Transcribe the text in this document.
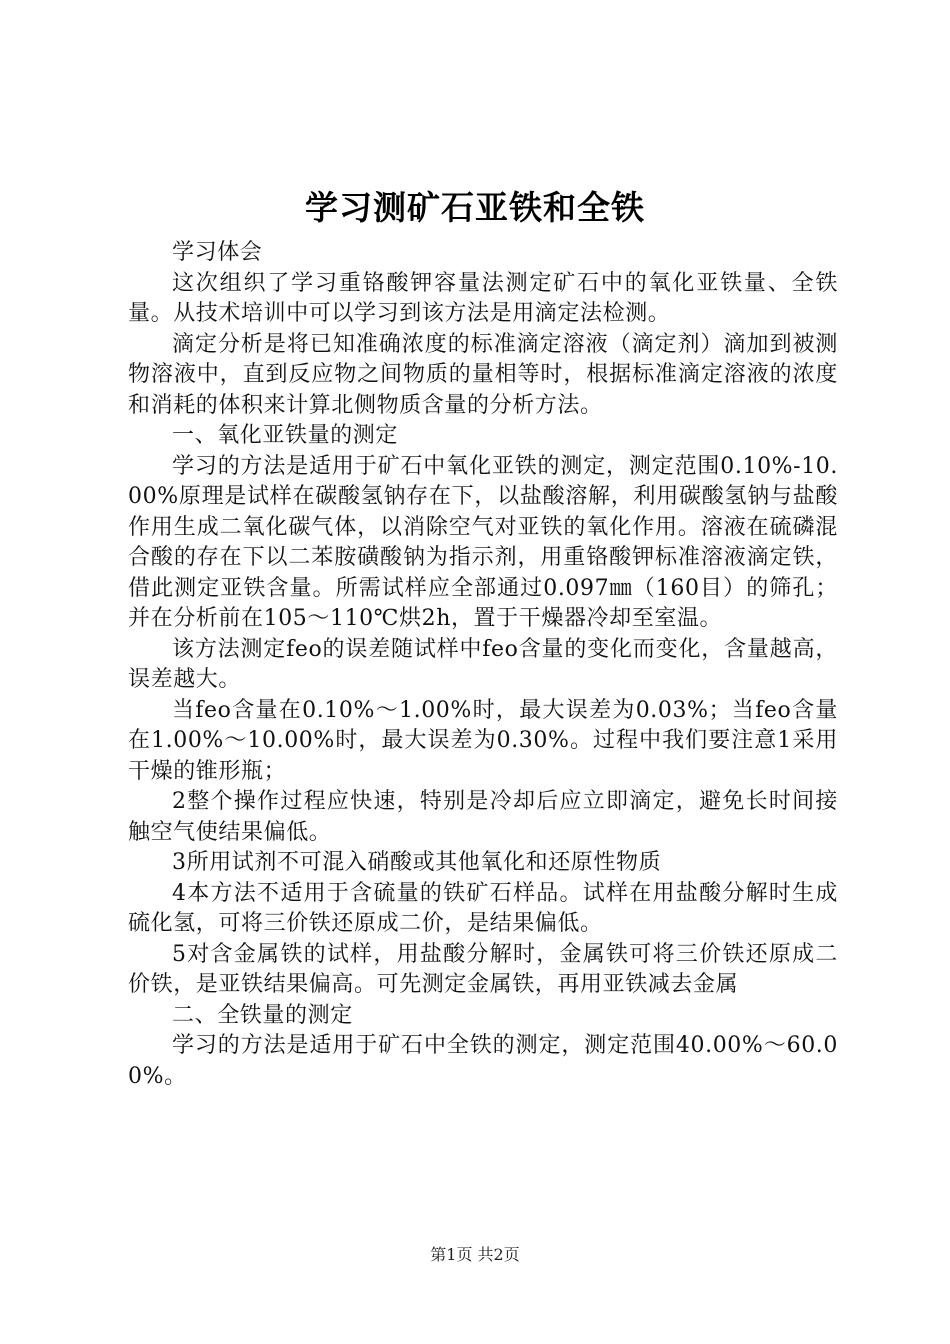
学习测矿石亚铁和全铁

学习体会

这次组织了学习重铬酸钾容量法测定矿石中的氧化亚铁量、全铁量。从技术培训中可以学习到该方法是用滴定法检测。

滴定分析是将已知准确浓度的标准滴定溶液（滴定剂）滴加到被测物溶液中，直到反应物之间物质的量相等时，根据标准滴定溶液的浓度和消耗的体积来计算北侧物质含量的分析方法。

一、氧化亚铁量的测定

学习的方法是适用于矿石中氧化亚铁的测定，测定范围0.10%-10.00%原理是试样在碳酸氢钠存在下，以盐酸溶解，利用碳酸氢钠与盐酸作用生成二氧化碳气体，以消除空气对亚铁的氧化作用。溶液在硫磷混合酸的存在下以二苯胺磺酸钠为指示剂，用重铬酸钾标准溶液滴定铁，借此测定亚铁含量。所需试样应全部通过0.097㎜（160目）的筛孔；并在分析前在105～110℃烘2h，置于干燥器冷却至室温。

该方法测定feo的误差随试样中feo含量的变化而变化，含量越高，误差越大。

当feo含量在0.10%～1.00%时，最大误差为0.03%；当feo含量在1.00%～10.00%时，最大误差为0.30%。过程中我们要注意1采用干燥的锥形瓶；

2整个操作过程应快速，特别是冷却后应立即滴定，避免长时间接触空气使结果偏低。

3所用试剂不可混入硝酸或其他氧化和还原性物质

4本方法不适用于含硫量的铁矿石样品。试样在用盐酸分解时生成硫化氢，可将三价铁还原成二价，是结果偏低。

5对含金属铁的试样，用盐酸分解时，金属铁可将三价铁还原成二价铁，是亚铁结果偏高。可先测定金属铁，再用亚铁减去金属

二、全铁量的测定

学习的方法是适用于矿石中全铁的测定，测定范围40.00%～60.00%。

第1页 共2页
